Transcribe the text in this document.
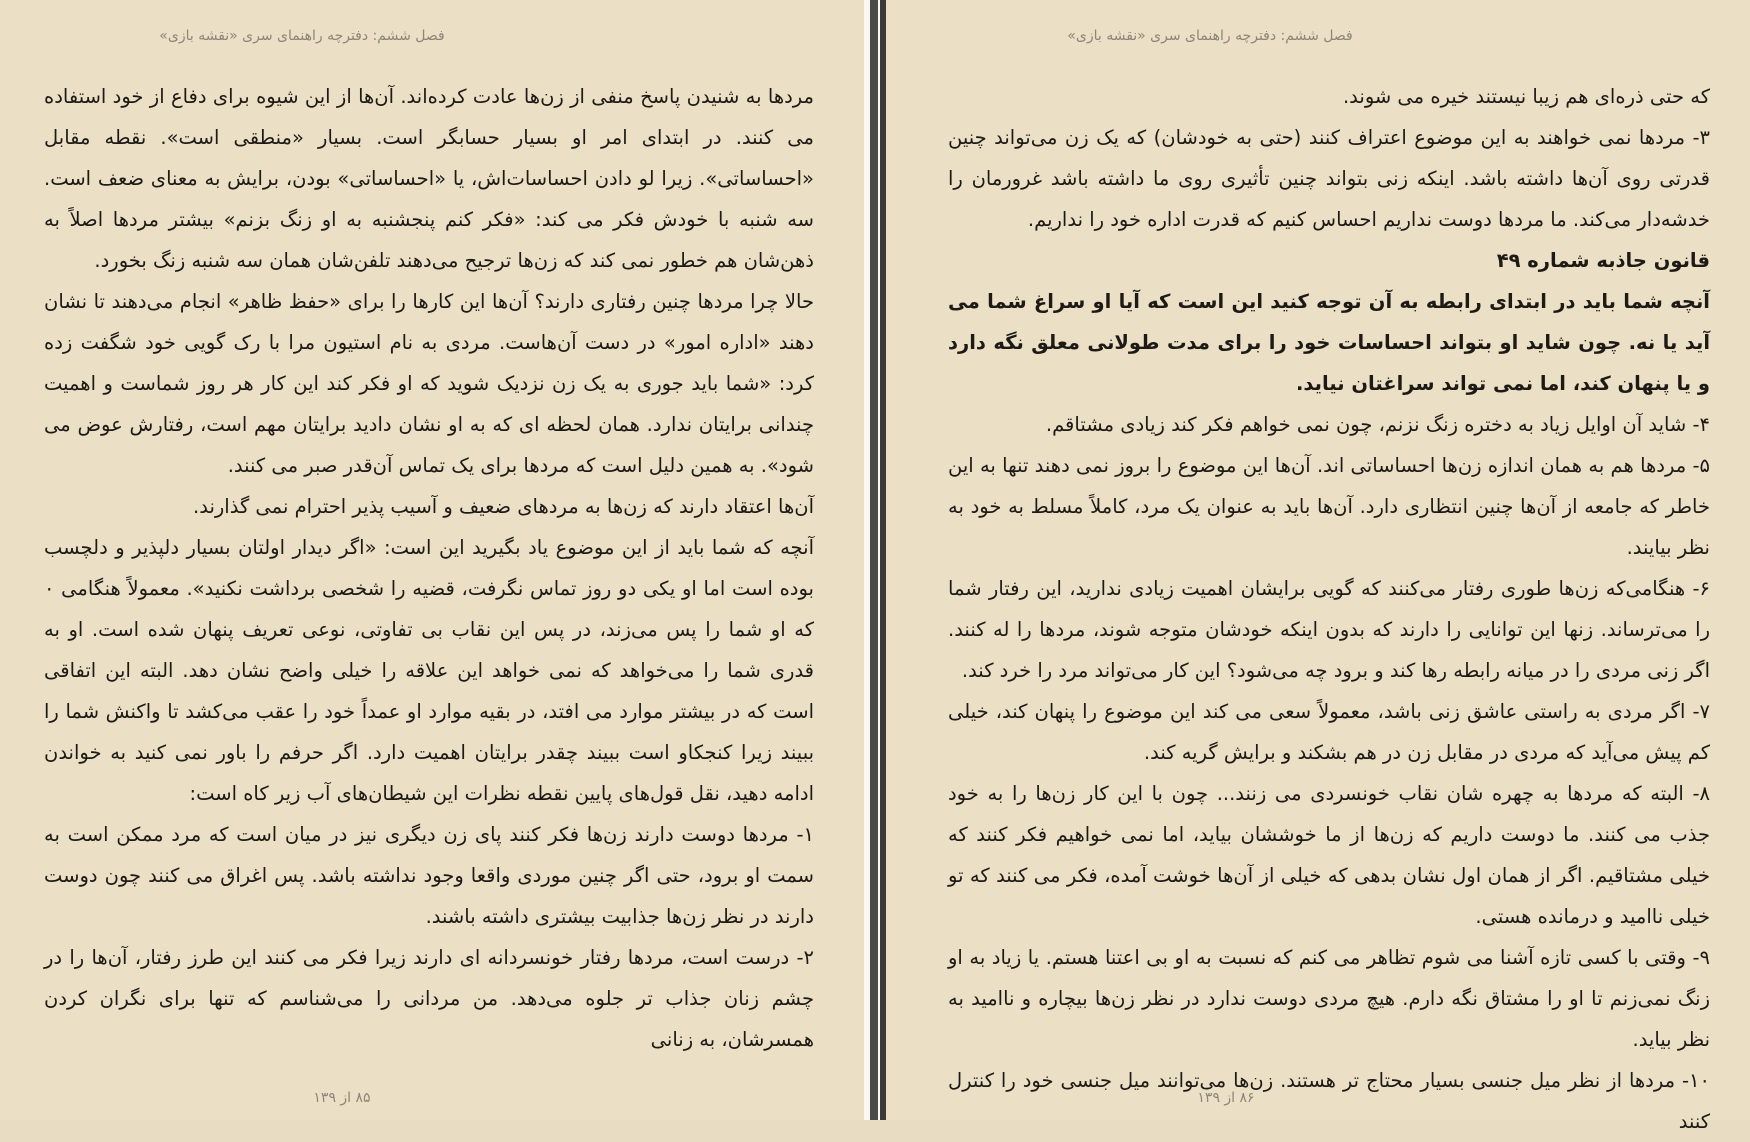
فصل ششم: دفترچه راهنمای سری «نقشه بازی»

مردها به شنیدن پاسخ منفی از زن‌ها عادت کرده‌اند. آن‌ها از این شیوه برای دفاع از خود استفاده می کنند. در ابتدای امر او بسیار حسابگر است. بسیار «منطقی است». نقطه مقابل «احساساتی». زیرا لو دادن احساسات‌اش، یا «احساساتی» بودن، برایش به معنای ضعف است. سه شنبه با خودش فکر می کند: «فکر کنم پنجشنبه به او زنگ بزنم» بیشتر مردها اصلاً به ذهن‌شان هم خطور نمی کند که زن‌ها ترجیح می‌دهند تلفن‌شان همان سه شنبه زنگ بخورد.

حالا چرا مردها چنین رفتاری دارند؟ آن‌ها این کارها را برای «حفظ ظاهر» انجام می‌دهند تا نشان دهند «اداره امور» در دست آن‌هاست. مردی به نام استیون مرا با رک گویی خود شگفت زده کرد: «شما باید جوری به یک زن نزدیک شوید که او فکر کند این کار هر روز شماست و اهمیت چندانی برایتان ندارد. همان لحظه ای که به او نشان دادید برایتان مهم است، رفتارش عوض می شود». به همین دلیل است که مردها برای یک تماس آن‌قدر صبر می کنند.

آن‌ها اعتقاد دارند که زن‌ها به مردهای ضعیف و آسیب پذیر احترام نمی گذارند.

آنچه که شما باید از این موضوع یاد بگیرید این است: «اگر دیدار اولتان بسیار دلپذیر و دلچسب بوده است اما او یکی دو روز تماس نگرفت، قضیه را شخصی برداشت نکنید». معمولاً هنگامی ۰ که او شما را پس می‌زند، در پس این نقاب بی تفاوتی، نوعی تعریف پنهان شده است. او به قدری شما را می‌خواهد که نمی خواهد این علاقه را خیلی واضح نشان دهد. البته این اتفاقی است که در بیشتر موارد می افتد، در بقیه موارد او عمداً خود را عقب می‌کشد تا واکنش شما را ببیند زیرا کنجکاو است ببیند چقدر برایتان اهمیت دارد. اگر حرفم را باور نمی کنید به خواندن ادامه دهید، نقل قول‌های پایین نقطه نظرات این شیطان‌های آب زیر کاه است:

۱- مردها دوست دارند زن‌ها فکر کنند پای زن دیگری نیز در میان است که مرد ممکن است به سمت او برود، حتی اگر چنین موردی واقعا وجود نداشته باشد. پس اغراق می کنند چون دوست دارند در نظر زن‌ها جذابیت بیشتری داشته باشند.

۲- درست است، مردها رفتار خونسردانه ای دارند زیرا فکر می کنند این طرز رفتار، آن‌ها را در چشم زنان جذاب تر جلوه می‌دهد. من مردانی را می‌شناسم که تنها برای نگران کردن همسرشان، به زنانی

۸۵ از ۱۳۹
فصل ششم: دفترچه راهنمای سری «نقشه بازی»

که حتی ذره‌ای هم زیبا نیستند خیره می شوند.

۳- مردها نمی خواهند به این موضوع اعتراف کنند (حتی به خودشان) که یک زن می‌تواند چنین قدرتی روی آن‌ها داشته باشد. اینکه زنی بتواند چنین تأثیری روی ما داشته باشد غرورمان را خدشه‌دار می‌کند. ما مردها دوست نداریم احساس کنیم که قدرت اداره خود را نداریم.

قانون جاذبه شماره ۴۹

آنچه شما باید در ابتدای رابطه به آن توجه کنید این است که آیا او سراغ شما می آید یا نه. چون شاید او بتواند احساسات خود را برای مدت طولانی معلق نگه دارد و یا پنهان کند، اما نمی تواند سراغتان نیاید.

۴- شاید آن اوایل زیاد به دختره زنگ نزنم، چون نمی خواهم فکر کند زیادی مشتاقم.

۵- مردها هم به همان اندازه زن‌ها احساساتی اند. آن‌ها این موضوع را بروز نمی دهند تنها به این خاطر که جامعه از آن‌ها چنین انتظاری دارد. آن‌ها باید به عنوان یک مرد، کاملاً مسلط به خود به نظر بیایند.

۶- هنگامی‌که زن‌ها طوری رفتار می‌کنند که گویی برایشان اهمیت زیادی ندارید، این رفتار شما را می‌ترساند. زنها این توانایی را دارند که بدون اینکه خودشان متوجه شوند، مردها را له کنند. اگر زنی مردی را در میانه رابطه رها کند و برود چه می‌شود؟ این کار می‌تواند مرد را خرد کند.

۷- اگر مردی به راستی عاشق زنی باشد، معمولاً سعی می کند این موضوع را پنهان کند، خیلی کم پیش می‌آید که مردی در مقابل زن در هم بشکند و برایش گریه کند.

۸- البته که مردها به چهره شان نقاب خونسردی می زنند... چون با این کار زن‌ها را به خود جذب می کنند. ما دوست داریم که زن‌ها از ما خوششان بیاید، اما نمی خواهیم فکر کنند که خیلی مشتاقیم. اگر از همان اول نشان بدهی که خیلی از آن‌ها خوشت آمده، فکر می کنند که تو خیلی ناامید و درمانده هستی.

۹- وقتی با کسی تازه آشنا می شوم تظاهر می کنم که نسبت به او بی اعتنا هستم. یا زیاد به او زنگ نمی‌زنم تا او را مشتاق نگه دارم. هیچ مردی دوست ندارد در نظر زن‌ها بیچاره و ناامید به نظر بیاید.

۱۰- مردها از نظر میل جنسی بسیار محتاج تر هستند. زن‌ها می‌توانند میل جنسی خود را کنترل کنند

۸۶ از ۱۳۹
